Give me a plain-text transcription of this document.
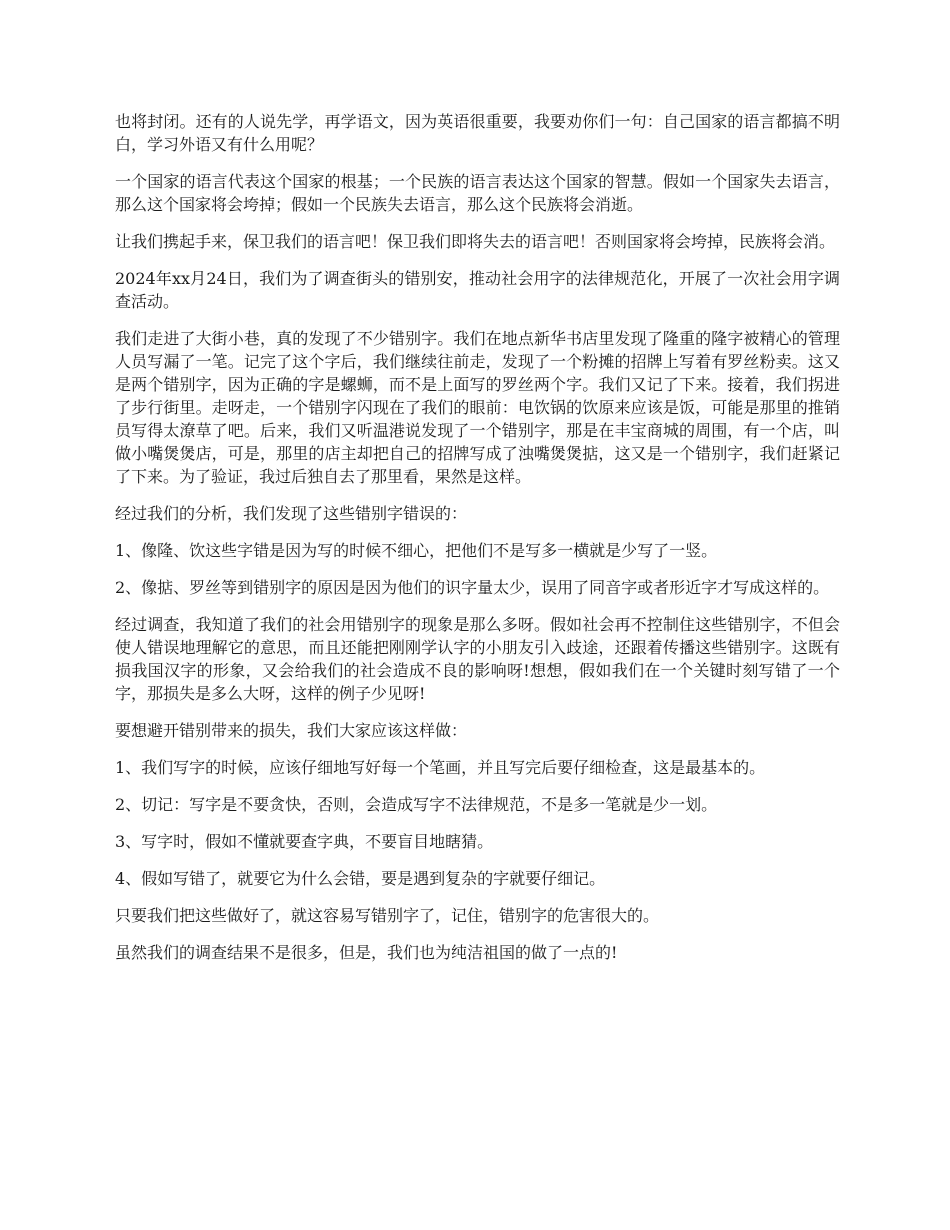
也将封闭。还有的人说先学，再学语文，因为英语很重要，我要劝你们一句：自己国家的语言都搞不明白，学习外语又有什么用呢？

一个国家的语言代表这个国家的根基；一个民族的语言表达这个国家的智慧。假如一个国家失去语言，那么这个国家将会垮掉；假如一个民族失去语言，那么这个民族将会消逝。

让我们携起手来，保卫我们的语言吧！保卫我们即将失去的语言吧！否则国家将会垮掉，民族将会消。

2024年xx月24日，我们为了调查街头的错别安，推动社会用字的法律规范化，开展了一次社会用字调查活动。

我们走进了大街小巷，真的发现了不少错别字。我们在地点新华书店里发现了隆重的隆字被精心的管理人员写漏了一笔。记完了这个字后，我们继续往前走，发现了一个粉摊的招牌上写着有罗丝粉卖。这又是两个错别字，因为正确的字是螺蛳，而不是上面写的罗丝两个字。我们又记了下来。接着，我们拐进了步行街里。走呀走，一个错别字闪现在了我们的眼前：电饮锅的饮原来应该是饭，可能是那里的推销员写得太潦草了吧。后来，我们又听温港说发现了一个错别字，那是在丰宝商城的周围，有一个店，叫做小嘴煲煲店，可是，那里的店主却把自己的招牌写成了浊嘴煲煲掂，这又是一个错别字，我们赶紧记了下来。为了验证，我过后独自去了那里看，果然是这样。

经过我们的分析，我们发现了这些错别字错误的：

1、像隆、饮这些字错是因为写的时候不细心，把他们不是写多一横就是少写了一竖。

2、像掂、罗丝等到错别字的原因是因为他们的识字量太少，误用了同音字或者形近字才写成这样的。

经过调查，我知道了我们的社会用错别字的现象是那么多呀。假如社会再不控制住这些错别字，不但会使人错误地理解它的意思，而且还能把刚刚学认字的小朋友引入歧途，还跟着传播这些错别字。这既有损我国汉字的形象，又会给我们的社会造成不良的影响呀!想想，假如我们在一个关键时刻写错了一个字，那损失是多么大呀，这样的例子少见呀!

要想避开错别带来的损失，我们大家应该这样做：

1、我们写字的时候，应该仔细地写好每一个笔画，并且写完后要仔细检查，这是最基本的。

2、切记：写字是不要贪快，否则，会造成写字不法律规范，不是多一笔就是少一划。

3、写字时，假如不懂就要查字典，不要盲目地瞎猜。

4、假如写错了，就要它为什么会错，要是遇到复杂的字就要仔细记。

只要我们把这些做好了，就这容易写错别字了，记住，错别字的危害很大的。

虽然我们的调查结果不是很多，但是，我们也为纯洁祖国的做了一点的!
